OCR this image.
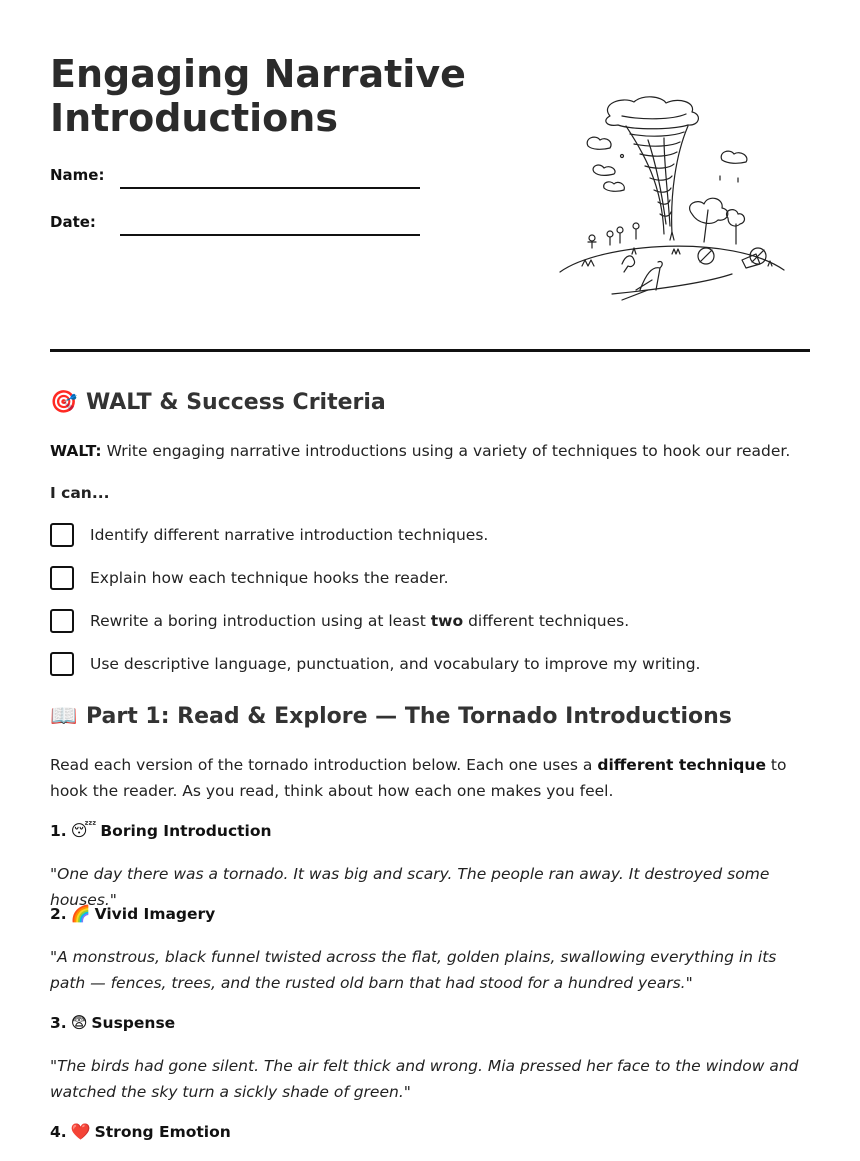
Engaging Narrative
Introductions
Name:
Date:
🎯 WALT & Success Criteria

WALT: Write engaging narrative introductions using a variety of techniques to hook our reader.

I can...

Identify different narrative introduction techniques.
Explain how each technique hooks the reader.
Rewrite a boring introduction using at least two different techniques.
Use descriptive language, punctuation, and vocabulary to improve my writing.
📖 Part 1: Read & Explore — The Tornado Introductions

Read each version of the tornado introduction below. Each one uses a different technique to hook the reader. As you read, think about how each one makes you feel.

1. 😴 Boring Introduction

"One day there was a tornado. It was big and scary. The people ran away. It destroyed some houses."

2. 🌈 Vivid Imagery

"A monstrous, black funnel twisted across the flat, golden plains, swallowing everything in its path — fences, trees, and the rusted old barn that had stood for a hundred years."

3. 😨 Suspense

"The birds had gone silent. The air felt thick and wrong. Mia pressed her face to the window and watched the sky turn a sickly shade of green."

4. ❤️ Strong Emotion
